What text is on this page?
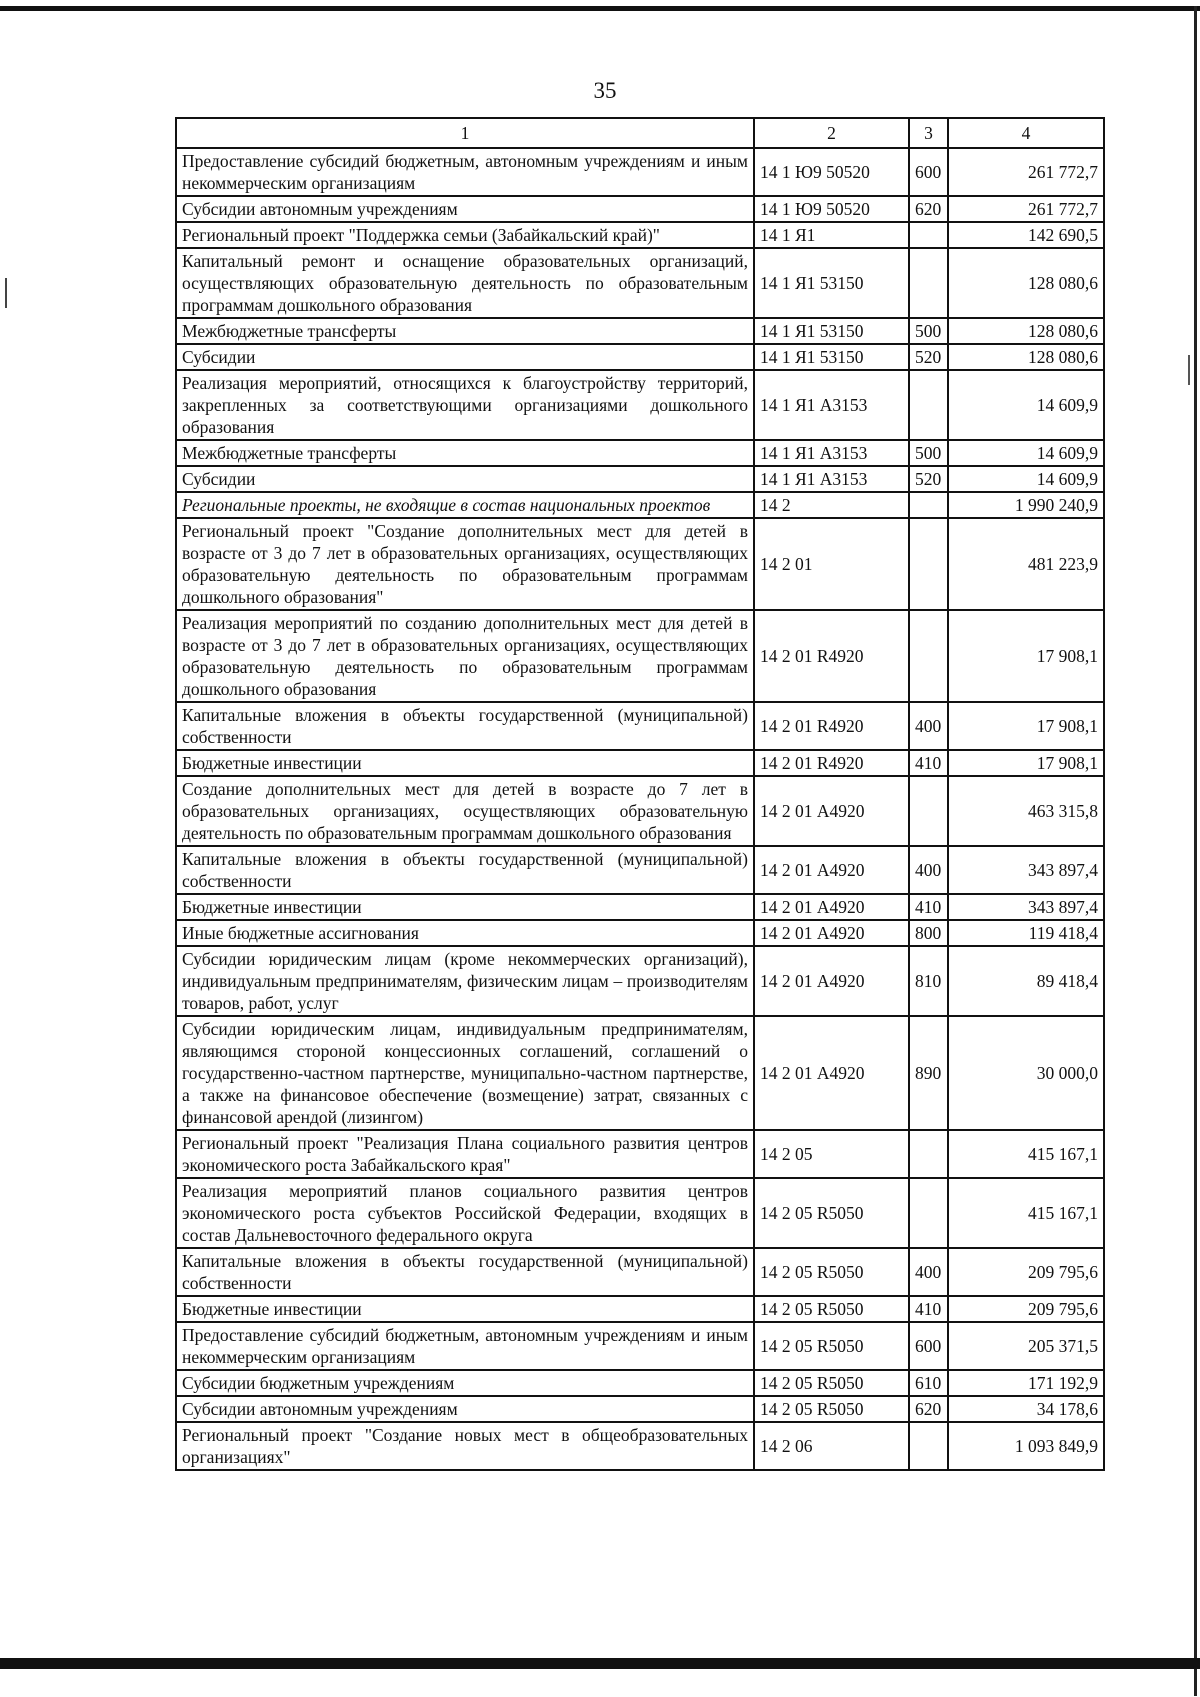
35
1	2	3	4
Предоставление субсидий бюджетным, автономным учреждениям и иным некоммерческим организациям	14 1 Ю9 50520	600	261 772,7
Субсидии автономным учреждениям	14 1 Ю9 50520	620	261 772,7
Региональный проект "Поддержка семьи (Забайкальский край)"	14 1 Я1		142 690,5
Капитальный ремонт и оснащение образовательных организаций, осуществляющих образовательную деятельность по образовательным программам дошкольного образования	14 1 Я1 53150		128 080,6
Межбюджетные трансферты	14 1 Я1 53150	500	128 080,6
Субсидии	14 1 Я1 53150	520	128 080,6
Реализация мероприятий, относящихся к благоустройству территорий, закрепленных за соответствующими организациями дошкольного образования	14 1 Я1 А3153		14 609,9
Межбюджетные трансферты	14 1 Я1 А3153	500	14 609,9
Субсидии	14 1 Я1 А3153	520	14 609,9
Региональные проекты, не входящие в состав национальных проектов	14 2		1 990 240,9
Региональный проект "Создание дополнительных мест для детей в возрасте от 3 до 7 лет в образовательных организациях, осуществляющих образовательную деятельность по образовательным программам дошкольного образования"	14 2 01		481 223,9
Реализация мероприятий по созданию дополнительных мест для детей в возрасте от 3 до 7 лет в образовательных организациях, осуществляющих образовательную деятельность по образовательным программам дошкольного образования	14 2 01 R4920		17 908,1
Капитальные вложения в объекты государственной (муниципальной) собственности	14 2 01 R4920	400	17 908,1
Бюджетные инвестиции	14 2 01 R4920	410	17 908,1
Создание дополнительных мест для детей в возрасте до 7 лет в образовательных организациях, осуществляющих образовательную деятельность по образовательным программам дошкольного образования	14 2 01 А4920		463 315,8
Капитальные вложения в объекты государственной (муниципальной) собственности	14 2 01 А4920	400	343 897,4
Бюджетные инвестиции	14 2 01 А4920	410	343 897,4
Иные бюджетные ассигнования	14 2 01 А4920	800	119 418,4
Субсидии юридическим лицам (кроме некоммерческих организаций), индивидуальным предпринимателям, физическим лицам – производителям товаров, работ, услуг	14 2 01 А4920	810	89 418,4
Субсидии юридическим лицам, индивидуальным предпринимателям, являющимся стороной концессионных соглашений, соглашений о государственно-частном партнерстве, муниципально-частном партнерстве, а также на финансовое обеспечение (возмещение) затрат, связанных с финансовой арендой (лизингом)	14 2 01 А4920	890	30 000,0
Региональный проект "Реализация Плана социального развития центров экономического роста Забайкальского края"	14 2 05		415 167,1
Реализация мероприятий планов социального развития центров экономического роста субъектов Российской Федерации, входящих в состав Дальневосточного федерального округа	14 2 05 R5050		415 167,1
Капитальные вложения в объекты государственной (муниципальной) собственности	14 2 05 R5050	400	209 795,6
Бюджетные инвестиции	14 2 05 R5050	410	209 795,6
Предоставление субсидий бюджетным, автономным учреждениям и иным некоммерческим организациям	14 2 05 R5050	600	205 371,5
Субсидии бюджетным учреждениям	14 2 05 R5050	610	171 192,9
Субсидии автономным учреждениям	14 2 05 R5050	620	34 178,6
Региональный проект "Создание новых мест в общеобразовательных организациях"	14 2 06		1 093 849,9
